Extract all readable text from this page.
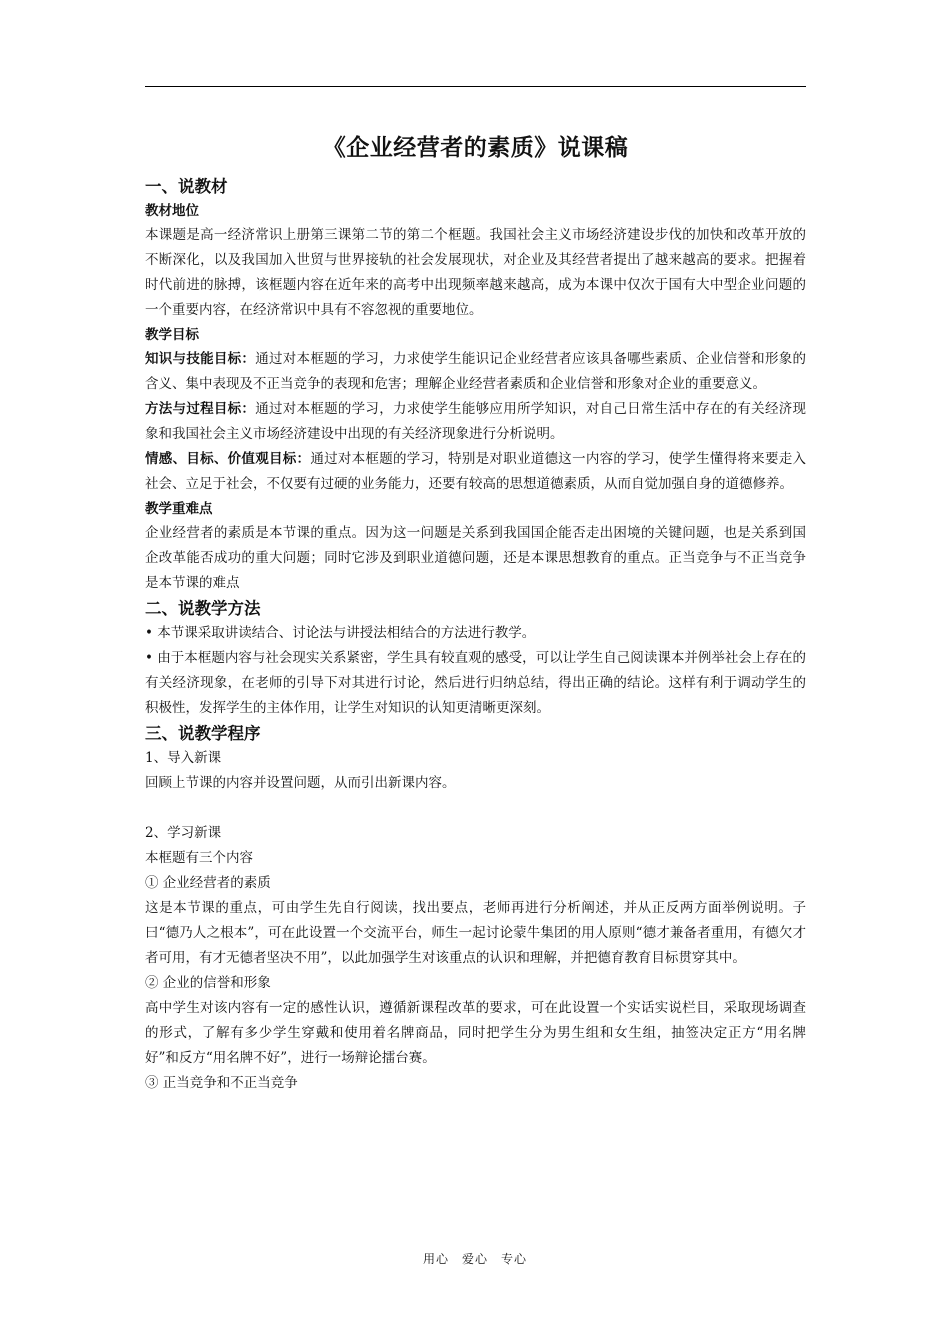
《企业经营者的素质》说课稿
一、说教材
教材地位

本课题是高一经济常识上册第三课第二节的第二个框题。我国社会主义市场经济建设步伐的加快和改革开放的不断深化，以及我国加入世贸与世界接轨的社会发展现状，对企业及其经营者提出了越来越高的要求。把握着时代前进的脉搏，该框题内容在近年来的高考中出现频率越来越高，成为本课中仅次于国有大中型企业问题的一个重要内容，在经济常识中具有不容忽视的重要地位。

教学目标

知识与技能目标：通过对本框题的学习，力求使学生能识记企业经营者应该具备哪些素质、企业信誉和形象的含义、集中表现及不正当竞争的表现和危害；理解企业经营者素质和企业信誉和形象对企业的重要意义。

方法与过程目标：通过对本框题的学习，力求使学生能够应用所学知识，对自己日常生活中存在的有关经济现象和我国社会主义市场经济建设中出现的有关经济现象进行分析说明。

情感、目标、价值观目标：通过对本框题的学习，特别是对职业道德这一内容的学习，使学生懂得将来要走入社会、立足于社会，不仅要有过硬的业务能力，还要有较高的思想道德素质，从而自觉加强自身的道德修养。

教学重难点

企业经营者的素质是本节课的重点。因为这一问题是关系到我国国企能否走出困境的关键问题，也是关系到国企改革能否成功的重大问题；同时它涉及到职业道德问题，还是本课思想教育的重点。正当竞争与不正当竞争是本节课的难点

二、说教学方法

• 本节课采取讲读结合、讨论法与讲授法相结合的方法进行教学。

• 由于本框题内容与社会现实关系紧密，学生具有较直观的感受，可以让学生自己阅读课本并例举社会上存在的有关经济现象，在老师的引导下对其进行讨论，然后进行归纳总结，得出正确的结论。这样有利于调动学生的积极性，发挥学生的主体作用，让学生对知识的认知更清晰更深刻。

三、说教学程序

1、导入新课

回顾上节课的内容并设置问题，从而引出新课内容。

2、学习新课

本框题有三个内容

① 企业经营者的素质

这是本节课的重点，可由学生先自行阅读，找出要点，老师再进行分析阐述，并从正反两方面举例说明。子曰“德乃人之根本”，可在此设置一个交流平台，师生一起讨论蒙牛集团的用人原则“德才兼备者重用，有德欠才者可用，有才无德者坚决不用”，以此加强学生对该重点的认识和理解，并把德育教育目标贯穿其中。

② 企业的信誉和形象

高中学生对该内容有一定的感性认识，遵循新课程改革的要求，可在此设置一个实话实说栏目，采取现场调查的形式，了解有多少学生穿戴和使用着名牌商品，同时把学生分为男生组和女生组，抽签决定正方“用名牌好”和反方“用名牌不好”，进行一场辩论擂台赛。

③ 正当竞争和不正当竞争

用心　爱心　专心
